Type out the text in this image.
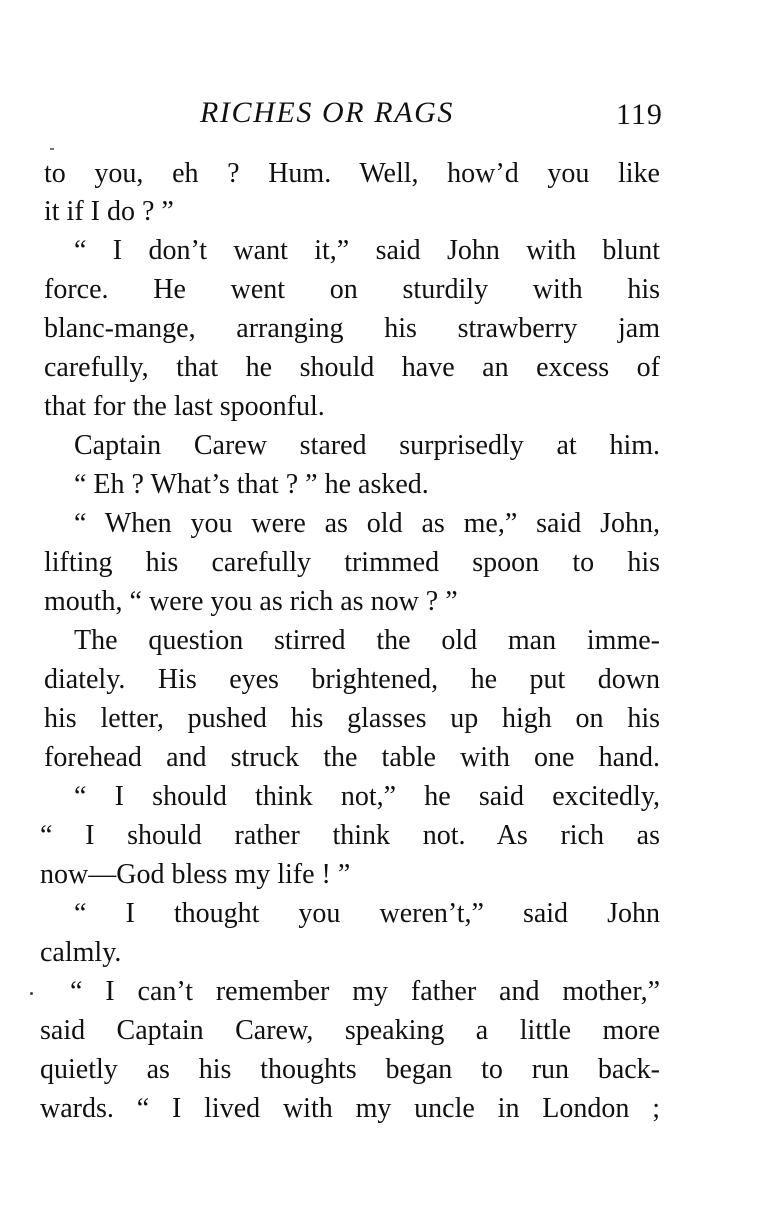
RICHES OR RAGS	119
to you, eh ? Hum. Well, how’d you like
it if I do ? ”
“ I don’t want it,” said John with blunt
force. He went on sturdily with his
blanc-mange, arranging his strawberry jam
carefully, that he should have an excess of
that for the last spoonful.
Captain Carew stared surprisedly at him.
“ Eh ? What’s that ? ” he asked.
“ When you were as old as me,” said John,
lifting his carefully trimmed spoon to his
mouth, “ were you as rich as now ? ”
The question stirred the old man imme-
diately. His eyes brightened, he put down
his letter, pushed his glasses up high on his
forehead and struck the table with one hand.
“ I should think not,” he said excitedly,
“ I should rather think not. As rich as
now—God bless my life ! ”
“ I thought you weren’t,” said John
calmly.
“ I can’t remember my father and mother,”
said Captain Carew, speaking a little more
quietly as his thoughts began to run back-
wards. “ I lived with my uncle in London ;
